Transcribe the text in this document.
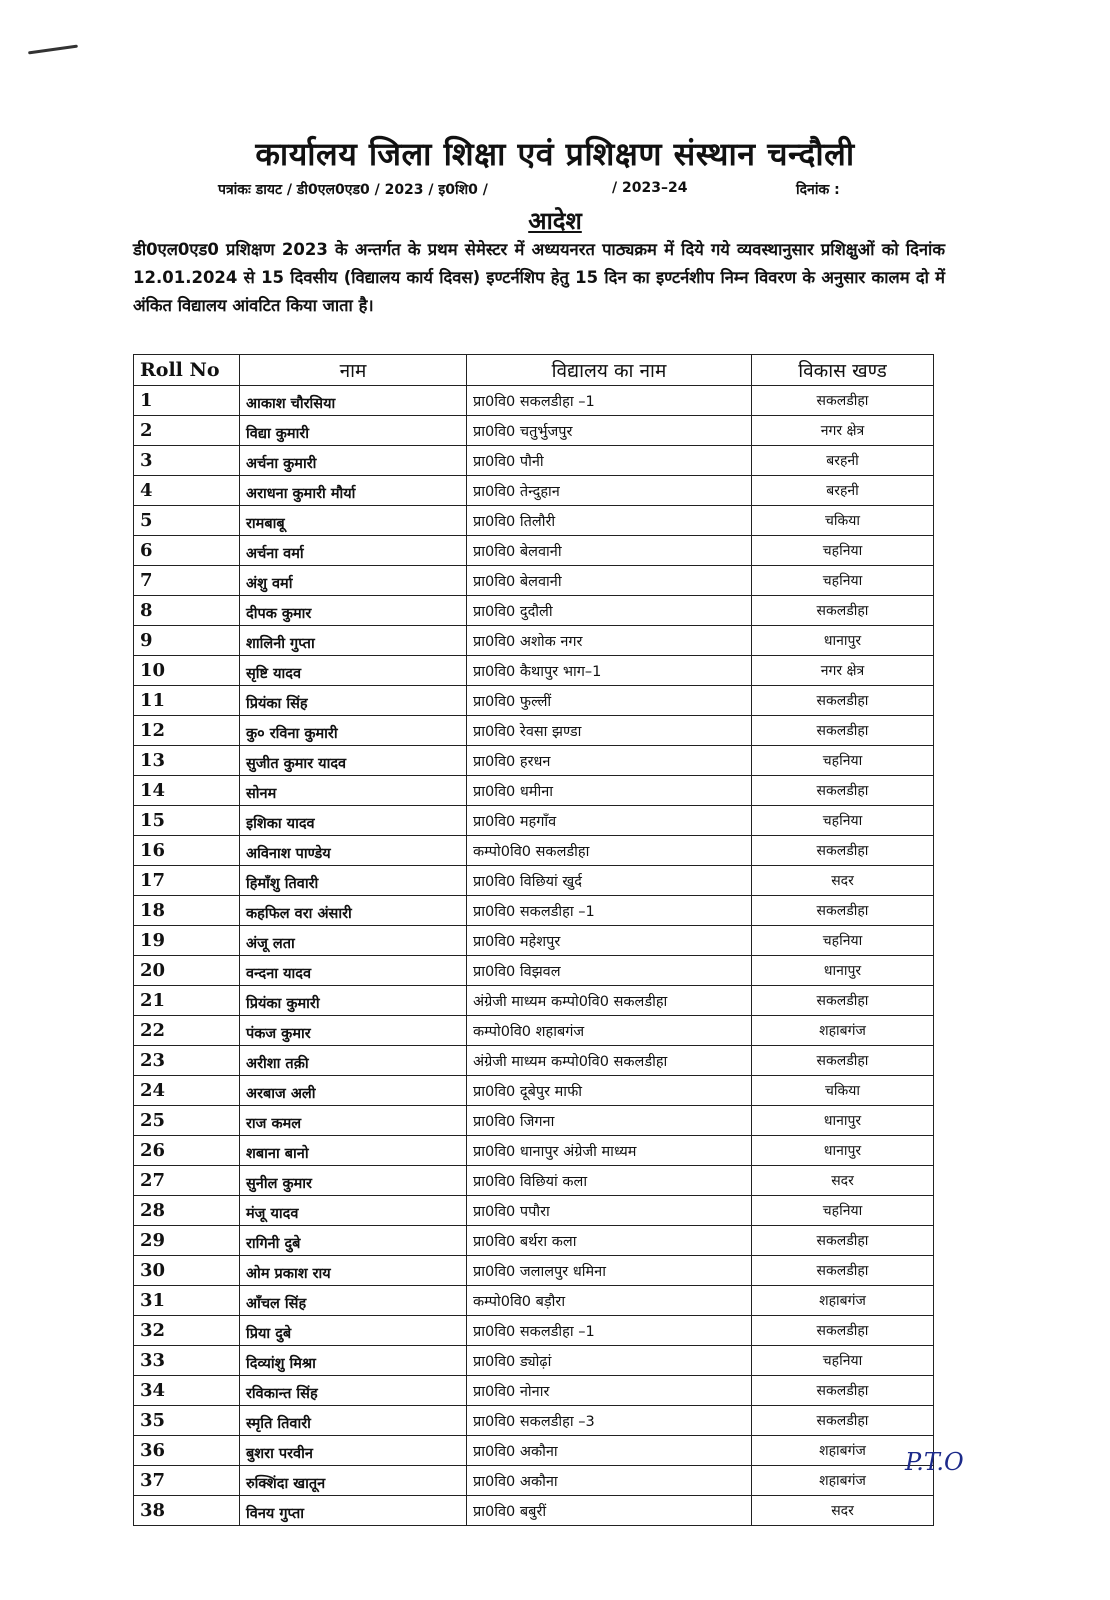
कार्यालय जिला शिक्षा एवं प्रशिक्षण संस्थान चन्दौली
पत्रांकः डायट / डी0एल0एड0 / 2023 / इ0शि0 /	/ 2023–24	दिनांक :
आदेश
डी0एल0एड0 प्रशिक्षण 2023 के अन्तर्गत के प्रथम सेमेस्टर में अध्ययनरत पाठ्यक्रम में दिये गये व्यवस्थानुसार प्रशिक्षुओं को दिनांक 12.01.2024 से 15 दिवसीय (विद्यालय कार्य दिवस) इण्टर्नशिप हेतु 15 दिन का इण्टर्नशीप निम्न विवरण के अनुसार कालम दो में अंकित विद्यालय आंवटित किया जाता है।
Roll No	नाम	विद्यालय का नाम	विकास खण्ड
1	आकाश चौरसिया	प्रा0वि0 सकलडीहा –1	सकलडीहा
2	विद्या कुमारी	प्रा0वि0 चतुर्भुजपुर	नगर क्षेत्र
3	अर्चना कुमारी	प्रा0वि0 पौनी	बरहनी
4	अराधना कुमारी मौर्या	प्रा0वि0 तेन्दुहान	बरहनी
5	रामबाबू	प्रा0वि0 तिलौरी	चकिया
6	अर्चना वर्मा	प्रा0वि0 बेलवानी	चहनिया
7	अंशु वर्मा	प्रा0वि0 बेलवानी	चहनिया
8	दीपक कुमार	प्रा0वि0 दुदौली	सकलडीहा
9	शालिनी गुप्ता	प्रा0वि0 अशोक नगर	धानापुर
10	सृष्टि यादव	प्रा0वि0 कैथापुर भाग–1	नगर क्षेत्र
11	प्रियंका सिंह	प्रा0वि0 फुल्लीं	सकलडीहा
12	कु० रविना कुमारी	प्रा0वि0 रेवसा झण्डा	सकलडीहा
13	सुजीत कुमार यादव	प्रा0वि0 हरधन	चहनिया
14	सोनम	प्रा0वि0 धमीना	सकलडीहा
15	इशिका यादव	प्रा0वि0 महगाँव	चहनिया
16	अविनाश पाण्डेय	कम्पो0वि0 सकलडीहा	सकलडीहा
17	हिमाँशु तिवारी	प्रा0वि0 विछियां खुर्द	सदर
18	कहफिल वरा अंसारी	प्रा0वि0 सकलडीहा –1	सकलडीहा
19	अंजू लता	प्रा0वि0 महेशपुर	चहनिया
20	वन्दना यादव	प्रा0वि0 विझवल	धानापुर
21	प्रियंका कुमारी	अंग्रेजी माध्यम कम्पो0वि0 सकलडीहा	सकलडीहा
22	पंकज कुमार	कम्पो0वि0 शहाबगंज	शहाबगंज
23	अरीशा तक़ी	अंग्रेजी माध्यम कम्पो0वि0 सकलडीहा	सकलडीहा
24	अरबाज अली	प्रा0वि0 दूबेपुर माफी	चकिया
25	राज कमल	प्रा0वि0 जिगना	धानापुर
26	शबाना बानो	प्रा0वि0 धानापुर अंग्रेजी माध्यम	धानापुर
27	सुनील कुमार	प्रा0वि0 विछियां कला	सदर
28	मंजू यादव	प्रा0वि0 पपौरा	चहनिया
29	रागिनी दुबे	प्रा0वि0 बर्थरा कला	सकलडीहा
30	ओम प्रकाश राय	प्रा0वि0 जलालपुर धमिना	सकलडीहा
31	आँचल सिंह	कम्पो0वि0 बड़ौरा	शहाबगंज
32	प्रिया दुबे	प्रा0वि0 सकलडीहा –1	सकलडीहा
33	दिव्यांशु मिश्रा	प्रा0वि0 ड्योढ़ां	चहनिया
34	रविकान्त सिंह	प्रा0वि0 नोनार	सकलडीहा
35	स्मृति तिवारी	प्रा0वि0 सकलडीहा –3	सकलडीहा
36	बुशरा परवीन	प्रा0वि0 अकौना	शहाबगंज
37	रुक्शिंदा खातून	प्रा0वि0 अकौना	शहाबगंज
38	विनय गुप्ता	प्रा0वि0 बबुरीं	सदर
P.T.O
